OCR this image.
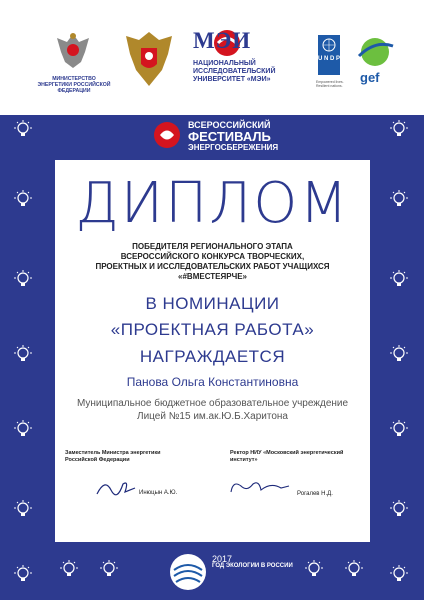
МИНИСТЕРСТВО ЭНЕРГЕТИКИ РОССИЙСКОЙ ФЕДЕРАЦИИ
МЭИ
НАЦИОНАЛЬНЫЙ ИССЛЕДОВАТЕЛЬСКИЙ УНИВЕРСИТЕТ «МЭИ»
U N D P
Empowered lives. Resilient nations.
gef
ВСЕРОССИЙСКИЙ
ФЕСТИВАЛЬ
ЭНЕРГОСБЕРЕЖЕНИЯ
ДИПЛОМ
ПОБЕДИТЕЛЯ РЕГИОНАЛЬНОГО ЭТАПА ВСЕРОССИЙСКОГО КОНКУРСА ТВОРЧЕСКИХ, ПРОЕКТНЫХ И ИССЛЕДОВАТЕЛЬСКИХ РАБОТ УЧАЩИХСЯ «#ВМЕСТЕЯРЧЕ»
В НОМИНАЦИИ
«ПРОЕКТНАЯ РАБОТА»
НАГРАЖДАЕТСЯ
Панова Ольга Константиновна
Муниципальное бюджетное образовательное учреждение Лицей №15 им.ак.Ю.Б.Харитона
Заместитель Министра энергетики Российской Федерации
Инюцын А.Ю.
Ректор НИУ «Московский энергетический институт»
Рогалев Н.Д.
2017
ГОД ЭКОЛОГИИ В РОССИИ
